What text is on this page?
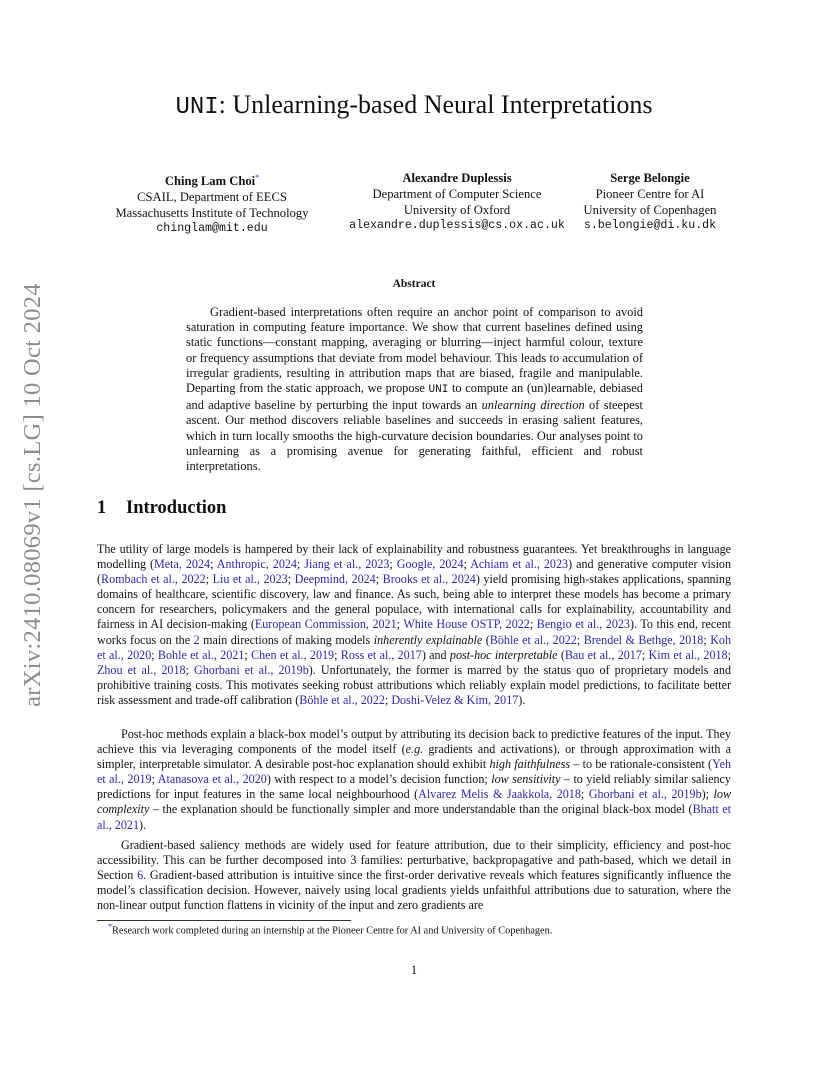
arXiv:2410.08069v1 [cs.LG] 10 Oct 2024
UNI: Unlearning-based Neural Interpretations
Ching Lam Choi*
CSAIL, Department of EECS
Massachusetts Institute of Technology
chinglam@mit.edu
Alexandre Duplessis
Department of Computer Science
University of Oxford
alexandre.duplessis@cs.ox.ac.uk
Serge Belongie
Pioneer Centre for AI
University of Copenhagen
s.belongie@di.ku.dk
Abstract

Gradient-based interpretations often require an anchor point of comparison to avoid saturation in computing feature importance. We show that current baselines defined using static functions—constant mapping, averaging or blurring—inject harmful colour, texture or frequency assumptions that deviate from model behaviour. This leads to accumulation of irregular gradients, resulting in attribution maps that are biased, fragile and manipulable. Departing from the static approach, we propose UNI to compute an (un)learnable, debiased and adaptive baseline by perturbing the input towards an unlearning direction of steepest ascent. Our method discovers reliable baselines and succeeds in erasing salient features, which in turn locally smooths the high-curvature decision boundaries. Our analyses point to unlearning as a promising avenue for generating faithful, efficient and robust interpretations.

1 Introduction

The utility of large models is hampered by their lack of explainability and robustness guarantees. Yet breakthroughs in language modelling (Meta, 2024; Anthropic, 2024; Jiang et al., 2023; Google, 2024; Achiam et al., 2023) and generative computer vision (Rombach et al., 2022; Liu et al., 2023; Deepmind, 2024; Brooks et al., 2024) yield promising high-stakes applications, spanning domains of healthcare, scientific discovery, law and finance. As such, being able to interpret these models has become a primary concern for researchers, policymakers and the general populace, with international calls for explainability, accountability and fairness in AI decision-making (European Commission, 2021; White House OSTP, 2022; Bengio et al., 2023). To this end, recent works focus on the 2 main directions of making models inherently explainable (Böhle et al., 2022; Brendel & Bethge, 2018; Koh et al., 2020; Bohle et al., 2021; Chen et al., 2019; Ross et al., 2017) and post-hoc interpretable (Bau et al., 2017; Kim et al., 2018; Zhou et al., 2018; Ghorbani et al., 2019b). Unfortunately, the former is marred by the status quo of proprietary models and prohibitive training costs. This motivates seeking robust attributions which reliably explain model predictions, to facilitate better risk assessment and trade-off calibration (Böhle et al., 2022; Doshi-Velez & Kim, 2017).

Post-hoc methods explain a black-box model’s output by attributing its decision back to predictive features of the input. They achieve this via leveraging components of the model itself (e.g. gradients and activations), or through approximation with a simpler, interpretable simulator. A desirable post-hoc explanation should exhibit high faithfulness – to be rationale-consistent (Yeh et al., 2019; Atanasova et al., 2020) with respect to a model’s decision function; low sensitivity – to yield reliably similar saliency predictions for input features in the same local neighbourhood (Alvarez Melis & Jaakkola, 2018; Ghorbani et al., 2019b); low complexity – the explanation should be functionally simpler and more understandable than the original black-box model (Bhatt et al., 2021).

Gradient-based saliency methods are widely used for feature attribution, due to their simplicity, efficiency and post-hoc accessibility. This can be further decomposed into 3 families: perturbative, backpropagative and path-based, which we detail in Section 6. Gradient-based attribution is intuitive since the first-order derivative reveals which features significantly influence the model’s classification decision. However, naively using local gradients yields unfaithful attributions due to saturation, where the non-linear output function flattens in vicinity of the input and zero gradients are

*Research work completed during an internship at the Pioneer Centre for AI and University of Copenhagen.
1
